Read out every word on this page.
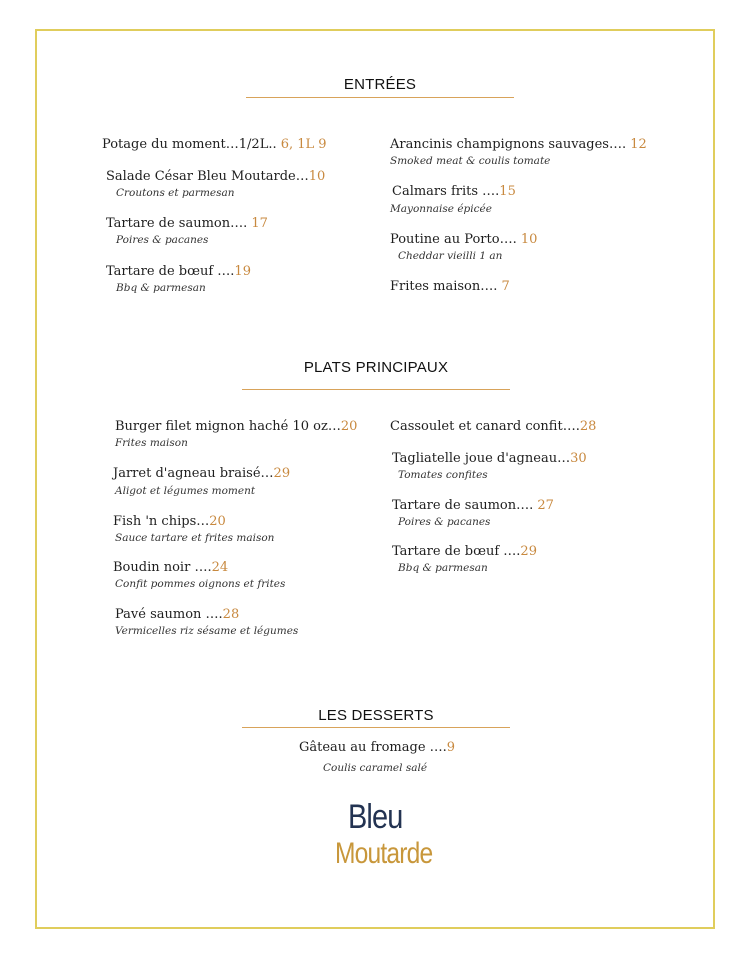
ENTRÉES
Potage du moment…1/2L.. 6, 1L 9
Salade César Bleu Moutarde…10
Croutons et parmesan
Tartare de saumon…. 17
Poires & pacanes
Tartare de bœuf ….19
Bbq & parmesan
Arancinis champignons sauvages…. 12
Smoked meat & coulis tomate
Calmars frits ….15
Mayonnaise épicée
Poutine au Porto…. 10
Cheddar vieilli 1 an
Frites maison…. 7
PLATS PRINCIPAUX
Burger filet mignon haché 10 oz…20
Frites maison
Jarret d'agneau braisé…29
Aligot et légumes moment
Fish 'n chips…20
Sauce tartare et frites maison
Boudin noir ….24
Confit pommes oignons et frites
Pavé saumon ….28
Vermicelles riz sésame et légumes
Cassoulet et canard confit….28
Tagliatelle joue d'agneau…30
Tomates confites
Tartare de saumon…. 27
Poires & pacanes
Tartare de bœuf ….29
Bbq & parmesan
LES DESSERTS
Gâteau au fromage ….9
Coulis caramel salé
Bleu
Moutarde
